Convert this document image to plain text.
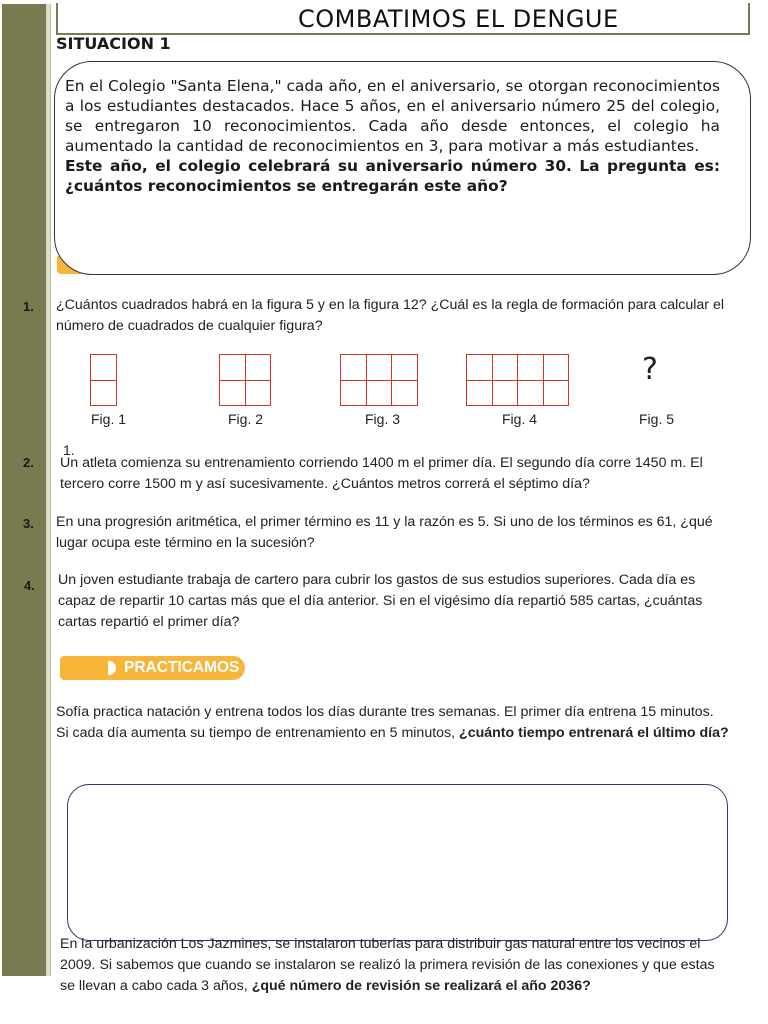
COMBATIMOS EL DENGUE
SITUACION 1

En el Colegio "Santa Elena," cada año, en el aniversario, se otorgan reconocimientos a los estudiantes destacados. Hace 5 años, en el aniversario número 25 del colegio, se entregaron 10 reconocimientos. Cada año desde entonces, el colegio ha aumentado la cantidad de reconocimientos en 3, para motivar a más estudiantes.

Este año, el colegio celebrará su aniversario número 30. La pregunta es: ¿cuántos reconocimientos se entregarán este año?

1. ¿Cuántos cuadrados habrá en la figura 5 y en la figura 12? ¿Cuál es la regla de formación para calcular el número de cuadrados de cualquier figura?
Fig. 1	Fig. 2	Fig. 3	Fig. 4	Fig. 5
?
2.
1.
Un atleta comienza su entrenamiento corriendo 1400 m el primer día. El segundo día corre 1450 m. El tercero corre 1500 m y así sucesivamente. ¿Cuántos metros correrá el séptimo día?
3. En una progresión aritmética, el primer término es 11 y la razón es 5. Si uno de los términos es 61, ¿qué lugar ocupa este término en la sucesión?
4. Un joven estudiante trabaja de cartero para cubrir los gastos de sus estudios superiores. Cada día es capaz de repartir 10 cartas más que el día anterior. Si en el vigésimo día repartió 585 cartas, ¿cuántas cartas repartió el primer día?
PRACTICAMOS
Sofía practica natación y entrena todos los días durante tres semanas. El primer día entrena 15 minutos. Si cada día aumenta su tiempo de entrenamiento en 5 minutos, ¿cuánto tiempo entrenará el último día?
En la urbanización Los Jazmines, se instalaron tuberías para distribuir gas natural entre los vecinos el 2009. Si sabemos que cuando se instalaron se realizó la primera revisión de las conexiones y que estas se llevan a cabo cada 3 años, ¿qué número de revisión se realizará el año 2036?
